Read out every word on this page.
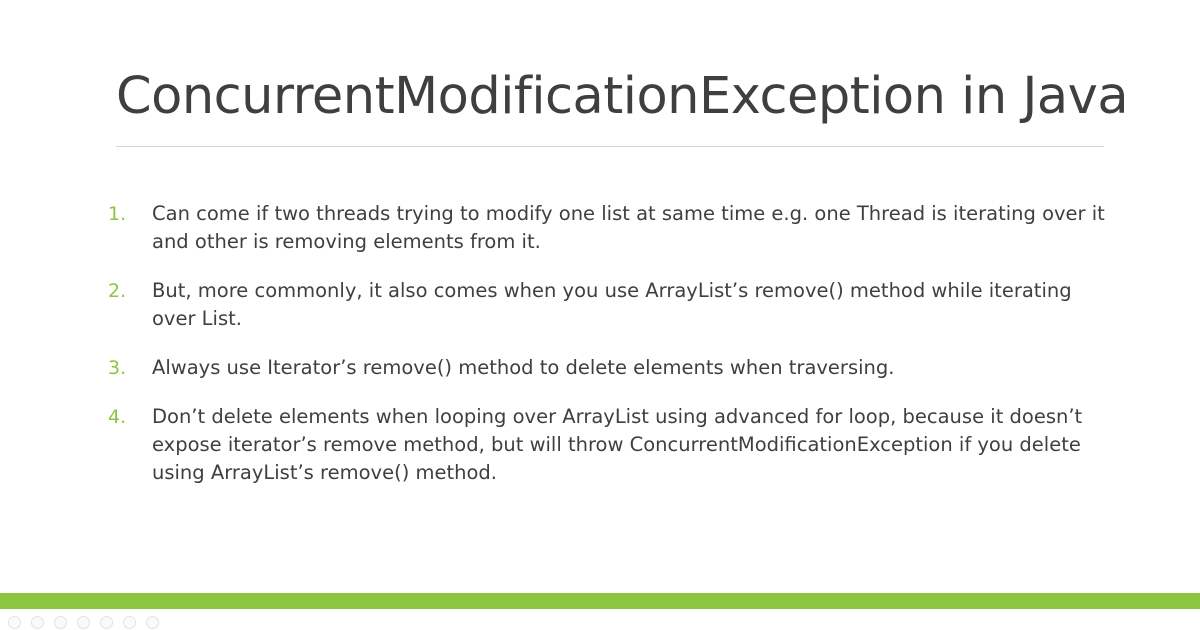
ConcurrentModificationException in Java
1.	Can come if two threads trying to modify one list at same time e.g. one Thread is iterating over it and other is removing elements from it.
2.	But, more commonly, it also comes when you use ArrayList’s remove() method while iterating over List.
3.	Always use Iterator’s remove() method to delete elements when traversing.
4.	Don’t delete elements when looping over ArrayList using advanced for loop, because it doesn’t expose iterator’s remove method, but will throw ConcurrentModificationException if you delete using ArrayList’s remove() method.
